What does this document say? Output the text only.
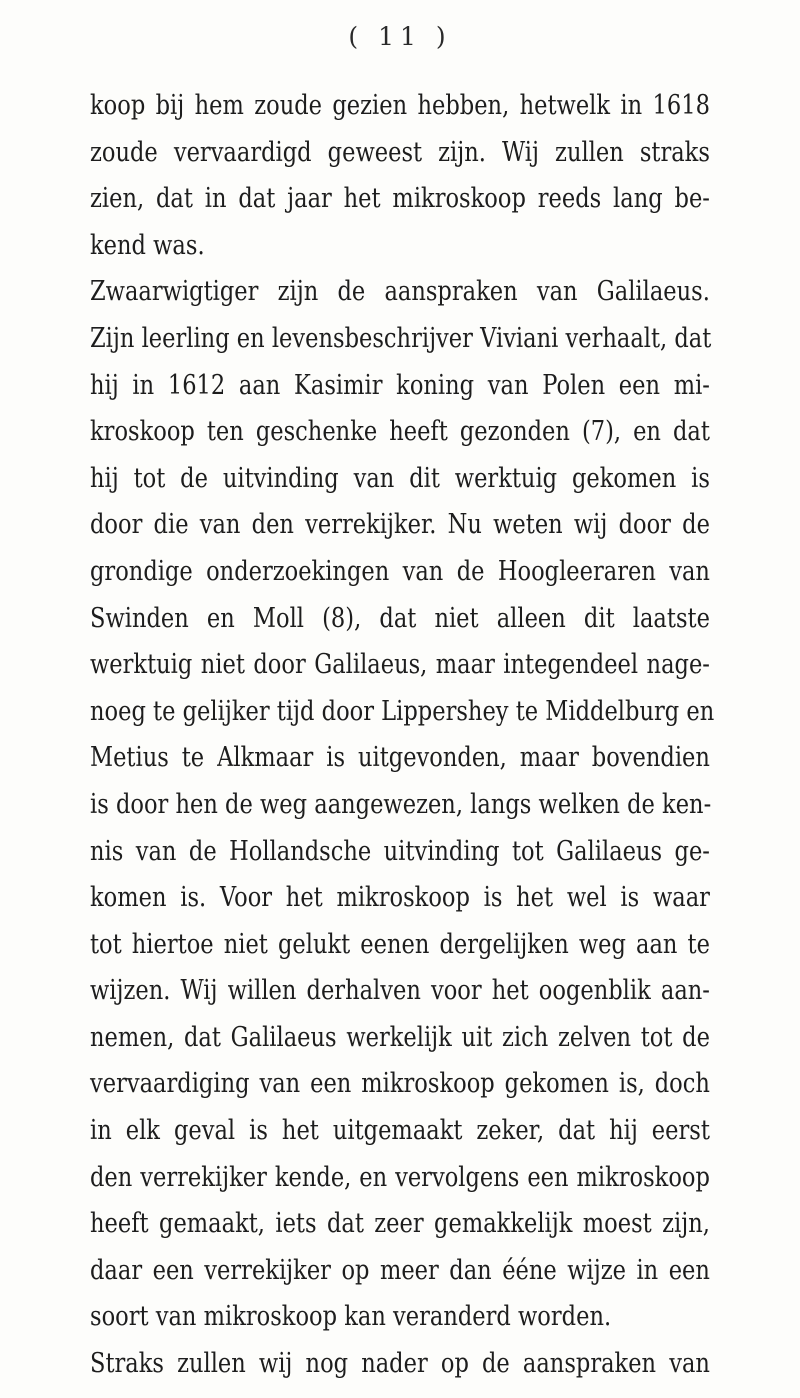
( 11 )
koop bij hem zoude gezien hebben, hetwelk in 1618
zoude vervaardigd geweest zijn. Wij zullen straks
zien, dat in dat jaar het mikroskoop reeds lang be-
kend was.
Zwaarwigtiger zijn de aanspraken van Galilaeus.
Zijn leerling en levensbeschrijver Viviani verhaalt, dat
hij in 1612 aan Kasimir koning van Polen een mi-
kroskoop ten geschenke heeft gezonden (7), en dat
hij tot de uitvinding van dit werktuig gekomen is
door die van den verrekijker. Nu weten wij door de
grondige onderzoekingen van de Hoogleeraren van
Swinden en Moll (8), dat niet alleen dit laatste
werktuig niet door Galilaeus, maar integendeel nage-
noeg te gelijker tijd door Lippershey te Middelburg en
Metius te Alkmaar is uitgevonden, maar bovendien
is door hen de weg aangewezen, langs welken de ken-
nis van de Hollandsche uitvinding tot Galilaeus ge-
komen is. Voor het mikroskoop is het wel is waar
tot hiertoe niet gelukt eenen dergelijken weg aan te
wijzen. Wij willen derhalven voor het oogenblik aan-
nemen, dat Galilaeus werkelijk uit zich zelven tot de
vervaardiging van een mikroskoop gekomen is, doch
in elk geval is het uitgemaakt zeker, dat hij eerst
den verrekijker kende, en vervolgens een mikroskoop
heeft gemaakt, iets dat zeer gemakkelijk moest zijn,
daar een verrekijker op meer dan ééne wijze in een
soort van mikroskoop kan veranderd worden.
Straks zullen wij nog nader op de aanspraken van
